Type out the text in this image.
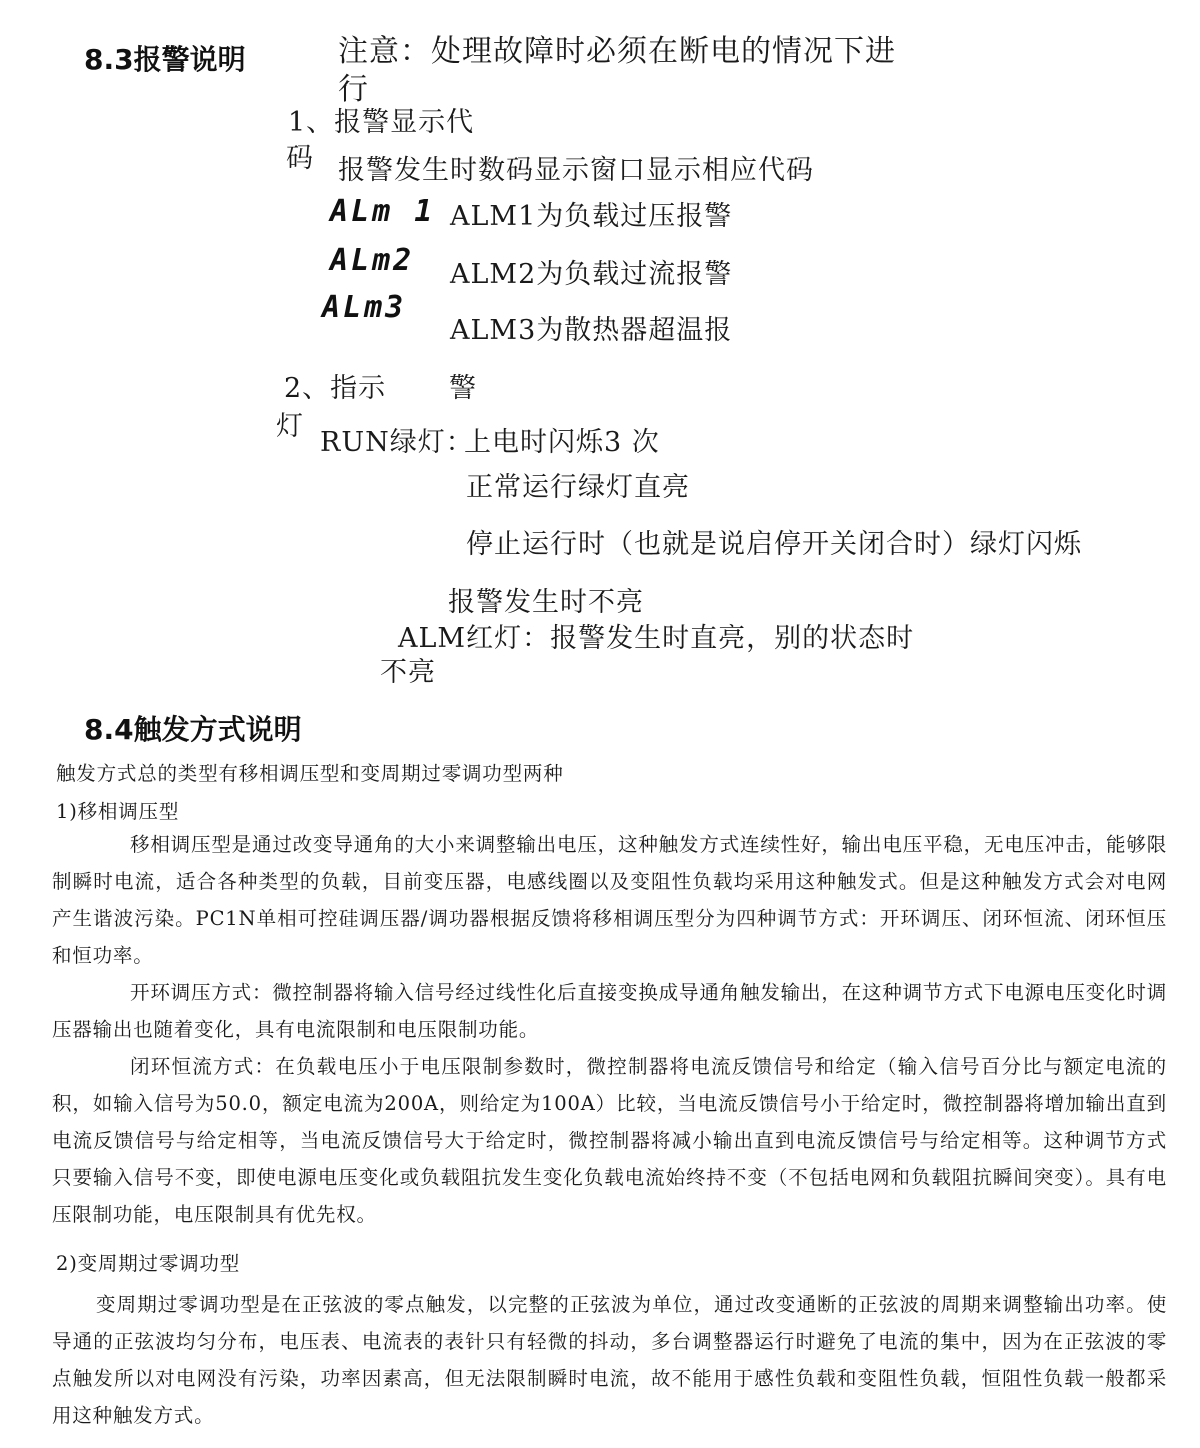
8.3报警说明	注意：处理故障时必须在断电的情况下进
行
1、报警显示代
码 报警发生时数码显示窗口显示相应代码
ALm 1 ALM1为负载过压报警
ALm2 ALM2为负载过流报警
ALm3
ALM3为散热器超温报
2、指示 警
灯
RUN绿灯：
上电时闪烁3 次
正常运行绿灯直亮
停止运行时（也就是说启停开关闭合时）绿灯闪烁
报警发生时不亮
ALM红灯：报警发生时直亮，别的状态时
不亮
8.4触发方式说明
触发方式总的类型有移相调压型和变周期过零调功型两种
1)移相调压型

移相调压型是通过改变导通角的大小来调整输出电压，这种触发方式连续性好，输出电压平稳，无电压冲击，能够限制瞬时电流，适合各种类型的负载，目前变压器，电感线圈以及变阻性负载均采用这种触发式。但是这种触发方式会对电网产生谐波污染。PC1N单相可控硅调压器/调功器根据反馈将移相调压型分为四种调节方式：开环调压、闭环恒流、闭环恒压和恒功率。

开环调压方式：微控制器将输入信号经过线性化后直接变换成导通角触发输出，在这种调节方式下电源电压变化时调压器输出也随着变化，具有电流限制和电压限制功能。

闭环恒流方式：在负载电压小于电压限制参数时，微控制器将电流反馈信号和给定（输入信号百分比与额定电流的积，如输入信号为50.0，额定电流为200A，则给定为100A）比较，当电流反馈信号小于给定时，微控制器将增加输出直到电流反馈信号与给定相等，当电流反馈信号大于给定时，微控制器将减小输出直到电流反馈信号与给定相等。这种调节方式只要输入信号不变，即使电源电压变化或负载阻抗发生变化负载电流始终持不变（不包括电网和负载阻抗瞬间突变）。具有电压限制功能，电压限制具有优先权。

2)变周期过零调功型

变周期过零调功型是在正弦波的零点触发，以完整的正弦波为单位，通过改变通断的正弦波的周期来调整输出功率。使导通的正弦波均匀分布，电压表、电流表的表针只有轻微的抖动，多台调整器运行时避免了电流的集中，因为在正弦波的零点触发所以对电网没有污染，功率因素高，但无法限制瞬时电流，故不能用于感性负载和变阻性负载，恒阻性负载一般都采用这种触发方式。
